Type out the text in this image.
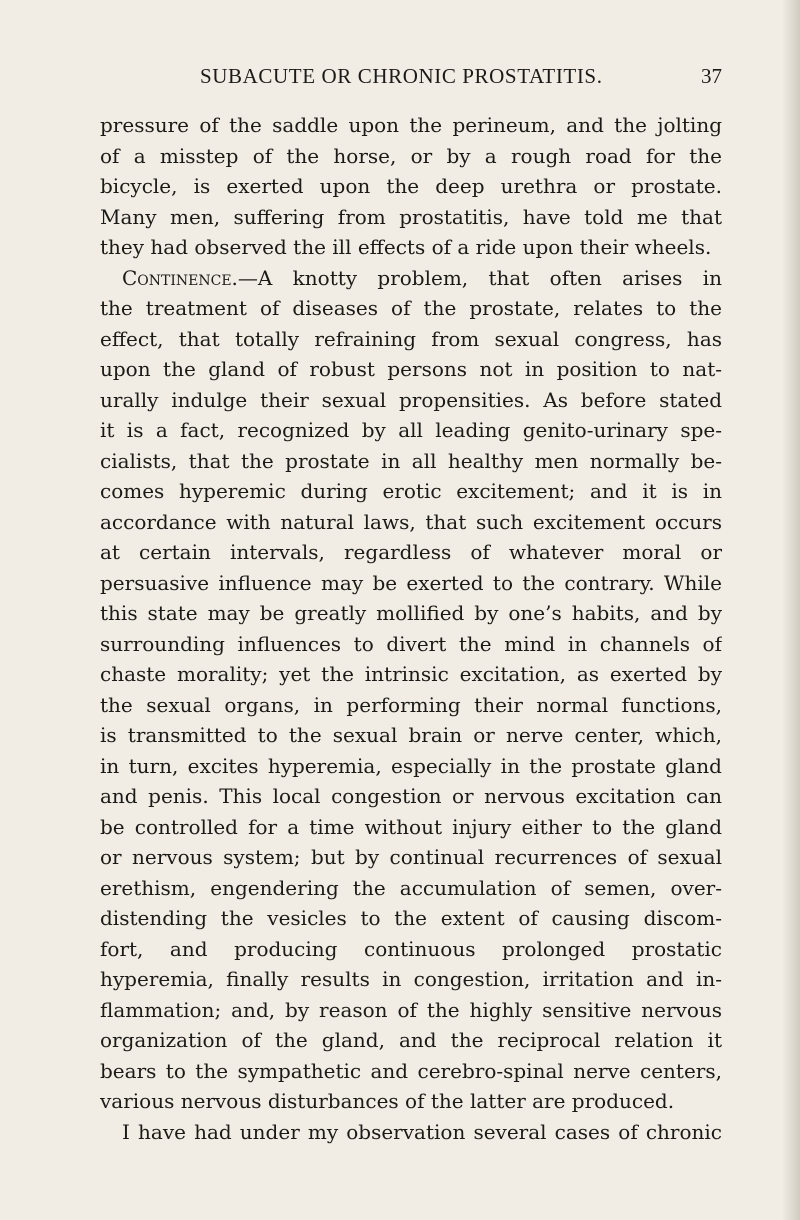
SUBACUTE OR CHRONIC PROSTATITIS.	37
pressure of the saddle upon the perineum, and the jolting
of a misstep of the horse, or by a rough road for the
bicycle, is exerted upon the deep urethra or prostate.
Many men, suffering from prostatitis, have told me that
they had observed the ill effects of a ride upon their wheels.
Continence.—A knotty problem, that often arises in
the treatment of diseases of the prostate, relates to the
effect, that totally refraining from sexual congress, has
upon the gland of robust persons not in position to nat-
urally indulge their sexual propensities. As before stated
it is a fact, recognized by all leading genito-urinary spe-
cialists, that the prostate in all healthy men normally be-
comes hyperemic during erotic excitement; and it is in
accordance with natural laws, that such excitement occurs
at certain intervals, regardless of whatever moral or
persuasive influence may be exerted to the contrary. While
this state may be greatly mollified by one’s habits, and by
surrounding influences to divert the mind in channels of
chaste morality; yet the intrinsic excitation, as exerted by
the sexual organs, in performing their normal functions,
is transmitted to the sexual brain or nerve center, which,
in turn, excites hyperemia, especially in the prostate gland
and penis. This local congestion or nervous excitation can
be controlled for a time without injury either to the gland
or nervous system; but by continual recurrences of sexual
erethism, engendering the accumulation of semen, over-
distending the vesicles to the extent of causing discom-
fort, and producing continuous prolonged prostatic
hyperemia, finally results in congestion, irritation and in-
flammation; and, by reason of the highly sensitive nervous
organization of the gland, and the reciprocal relation it
bears to the sympathetic and cerebro-spinal nerve centers,
various nervous disturbances of the latter are produced.
I have had under my observation several cases of chronic
